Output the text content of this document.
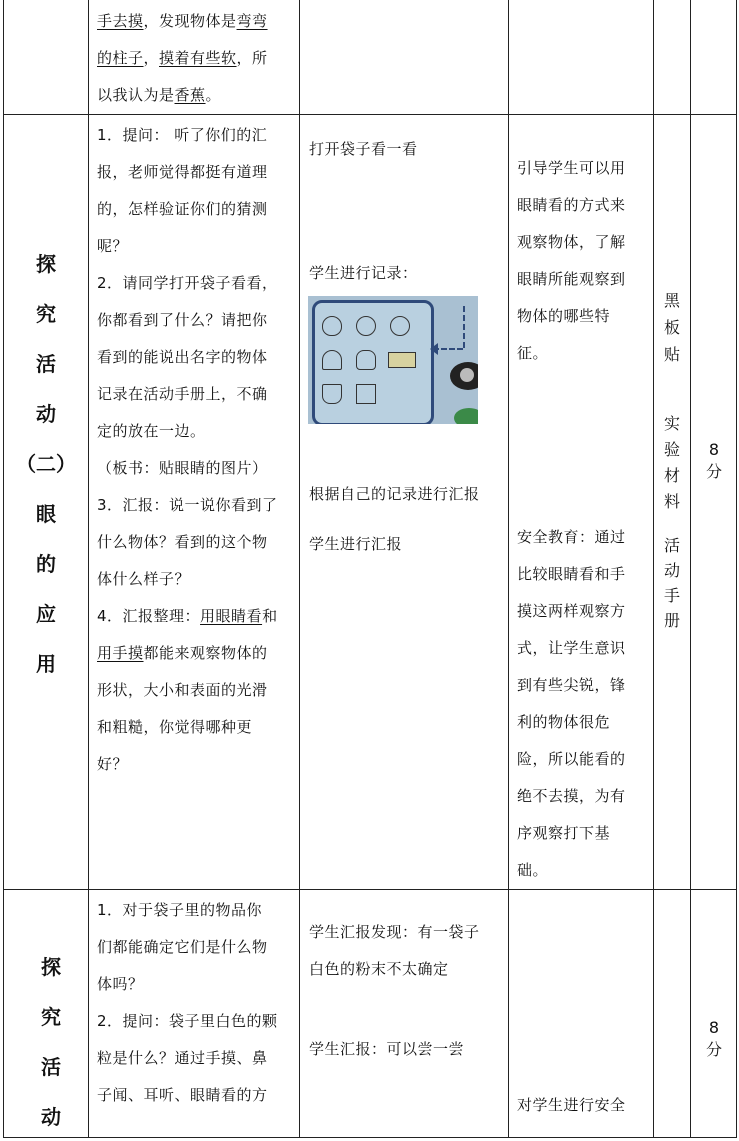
手去摸，发现物体是弯弯
的柱子，摸着有些软，所
以我认为是香蕉。
探
究
活
动
（二）
眼
的
应
用
1．提问： 听了你们的汇
报，老师觉得都挺有道理
的，怎样验证你们的猜测
呢？
2．请同学打开袋子看看，
你都看到了什么？请把你
看到的能说出名字的物体
记录在活动手册上，不确
定的放在一边。
（板书：贴眼睛的图片）
3．汇报：说一说你看到了
什么物体？看到的这个物
体什么样子？
4．汇报整理：用眼睛看和
用手摸都能来观察物体的
形状，大小和表面的光滑
和粗糙，你觉得哪种更
好？
打开袋子看一看
学生进行记录：
根据自己的记录进行汇报
学生进行汇报
引导学生可以用
眼睛看的方式来
观察物体，了解
眼睛所能观察到
物体的哪些特
征。
安全教育：通过
比较眼睛看和手
摸这两样观察方
式，让学生意识
到有些尖锐，锋
利的物体很危
险，所以能看的
绝不去摸，为有
序观察打下基
础。
黑
板
贴
实
验
材
料
活
动
手
册
8
分
探
究
活
动
1．对于袋子里的物品你
们都能确定它们是什么物
体吗？
2．提问：袋子里白色的颗
粒是什么？通过手摸、鼻
子闻、耳听、眼睛看的方
学生汇报发现：有一袋子
白色的粉末不太确定
学生汇报：可以尝一尝
对学生进行安全
8
分
